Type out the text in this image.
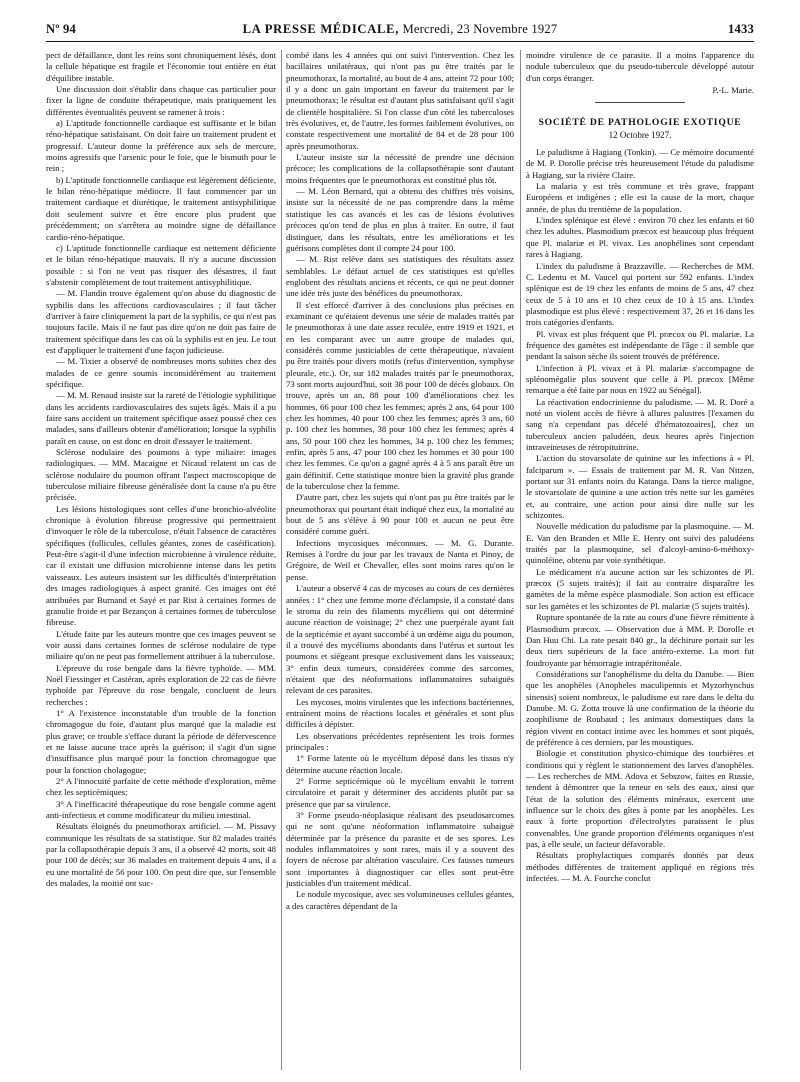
Nº 94	LA PRESSE MÉDICALE, Mercredi, 23 Novembre 1927	1433

pect de défaillance, dont les reins sont chroniquement lésés, dont la cellule hépatique est fragile et l'économie tout entière en état d'équilibre instable.

Une discussion doit s'établir dans chaque cas particulier pour fixer la ligne de conduite thérapeutique, mais pratiquement les différentes éventualités peuvent se ramener à trois :

a) L'aptitude fonctionnelle cardiaque est suffisante et le bilan réno-hépatique satisfaisant. On doit faire un traitement prudent et progressif. L'auteur donne la préférence aux sels de mercure, moins agressifs que l'arsenic pour le foie, que le bismuth pour le rein ;

b) L'aptitude fonctionnelle cardiaque est légèrement déficiente, le bilan réno-hépatique médiocre. Il faut commencer par un traitement cardiaque et diurétique, le traitement antisyphilitique doit seulement suivre et être encore plus prudent que précédemment; on s'arrêtera au moindre signe de défaillance cardio-réno-hépatique.

c) L'aptitude fonctionnelle cardiaque est nettement déficiente et le bilan réno-hépatique mauvais. Il n'y a aucune discussion possible : si l'on ne veut pas risquer des désastres, il faut s'abstenir complètement de tout traitement antisyphilitique.

— M. Flandin trouve également qu'on abuse du diagnostic de syphilis dans les affections cardiovasculaires ; il faut tâcher d'arriver à faire cliniquement la part de la syphilis, ce qui n'est pas toujours facile. Mais il ne faut pas dire qu'on ne doit pas faire de traitement spécifique dans les cas où la syphilis est en jeu. Le tout est d'appliquer le traitement d'une façon judicieuse.

— M. Tixier a observé de nombreuses morts subites chez des malades de ce genre soumis inconsidérément au traitement spécifique.

— M. M. Renaud insiste sur la rareté de l'étiologie syphilitique dans les accidents cardiovasculaires des sujets âgés. Mais il a pu faire sans accident un traitement spécifique assez poussé chez ces malades, sans d'ailleurs obtenir d'amélioration; lorsque la syphilis paraît en cause, on est donc en droit d'essayer le traitement.

Sclérose nodulaire des poumons à type miliaire: images radiologiques. — MM. Macaigne et Nicaud relatent un cas de sclérose nodulaire du poumon offrant l'aspect macroscopique de tuberculose miliaire fibreuse généralisée dont la cause n'a pu être précisée.

Les lésions histologiques sont celles d'une bronchio-alvéolite chronique à évolution fibreuse progressive qui permettraient d'invoquer le rôle de la tuberculose, n'était l'absence de caractères spécifiques (follicules, cellules géantes, zones de caséification). Peut-être s'agit-il d'une infection microbienne à virulence réduite, car il existait une diffusion microbienne intense dans les petits vaisseaux. Les auteurs insistent sur les difficultés d'interprétation des images radiologiques à aspect granité. Ces images ont été attribuées par Burnand et Sayé et par Rist à certaines formes de granulie froide et par Bezançon à certaines formes de tuberculose fibreuse.

L'étude faite par les auteurs montre que ces images peuvent se voir aussi dans certaines formes de sclérose nodulaire de type miliaire qu'on ne peut pas formellement attribuer à la tuberculose.

L'épreuve du rose bengale dans la fièvre typhoïde. — MM. Noël Fiessinger et Castéran, après exploration de 22 cas de fièvre typhoïde par l'épreuve du rose bengale, concluent de leurs recherches :

1° A l'existence inconstatable d'un trouble de la fonction chromagogue du foie, d'autant plus marqué que la maladie est plus grave; ce trouble s'efface durant la période de défervescence et ne laisse aucune trace après la guérison; il s'agit d'un signe d'insuffisance plus marqué pour la fonction chromagogue que pour la fonction cholagogue;

2° A l'innocuité parfaite de cette méthode d'exploration, même chez les septicémiques;

3° A l'inefficacité thérapeutique du rose bengale comme agent anti-infectieux et comme modificateur du milieu intestinal.

Résultats éloignés du pneumothorax artificiel. — M. Pissavy communique les résultats de sa statistique. Sur 82 malades traités par la collapsothérapie depuis 3 ans, il a observé 42 morts, soit 48 pour 100 de décès; sur 36 malades en traitement depuis 4 ans, il a eu une mortalité de 56 pour 100. On peut dire que, sur l'ensemble des malades, la moitié ont suc-

combé dans les 4 années qui ont suivi l'intervention. Chez les bacillaires unilatéraux, qui n'ont pas pu être traités par le pneumothorax, la mortalité, au bout de 4 ans, atteint 72 pour 100; il y a donc un gain important en faveur du traitement par le pneumothorax; le résultat est d'autant plus satisfaisant qu'il s'agit de clientèle hospitalière. Si l'on classe d'un côté les tuberculoses très évolutives, et, de l'autre, les formes faiblement évolutives, on constate respectivement une mortalité de 84 et de 28 pour 100 après pneumothorax.

L'auteur insiste sur la nécessité de prendre une décision précoce; les complications de la collapsothérapie sont d'autant moins fréquentes que le pneumothorax est constitué plus tôt.

— M. Léon Bernard, qui a obtenu des chiffres très voisins, insiste sur la nécessité de ne pas comprendre dans la même statistique les cas avancés et les cas de lésions évolutives précoces qu'on tend de plus en plus à traiter. En outre, il faut distinguer, dans les résultats, entre les améliorations et les guérisons complètes dont il compte 24 pour 100.

— M. Rist relève dans ses statistiques des résultats assez semblables. Le défaut actuel de ces statistiques est qu'elles englobent des résultats anciens et récents, ce qui ne peut donner une idée très juste des bénéfices du pneumothorax.

Il s'est efforcé d'arriver à des conclusions plus précises en examinant ce qu'étaient devenus une série de malades traités par le pneumothorax à une date assez reculée, entre 1919 et 1921, et en les comparant avec un autre groupe de malades qui, considérés comme justiciables de cette thérapeutique, n'avaient pu être traités pour divers motifs (refus d'intervention, symphyse pleurale, etc.). Or, sur 182 malades traités par le pneumothorax, 73 sont morts aujourd'hui, soit 38 pour 100 de décès globaux. On trouve, après un an, 88 pour 100 d'améliorations chez les hommes, 66 pour 100 chez les femmes; après 2 ans, 64 pour 100 chez les hommes, 40 pour 100 chez les femmes; après 3 ans, 60 p. 100 chez les hommes, 38 pour 100 chez les femmes; après 4 ans, 50 pour 100 chez les hommes, 34 p. 100 chez les femmes; enfin, après 5 ans, 47 pour 100 chez les hommes et 30 pour 100 chez les femmes. Ce qu'on a gagné après 4 à 5 ans paraît être un gain définitif. Cette statistique montre bien la gravité plus grande de la tuberculose chez la femme.

D'autre part, chez les sujets qui n'ont pas pu être traités par le pneumothorax qui pourtant était indiqué chez eux, la mortalité au bout de 5 ans s'élève à 90 pour 100 et aucun ne peut être considéré comme guéri.

Infections mycosiques méconnues. — M. G. Durante. Remises à l'ordre du jour par les travaux de Nanta et Pinoy, de Grégoire, de Weil et Chevaller, elles sont moins rares qu'on le pense.

L'auteur a observé 4 cas de mycoses au cours de ces dernières années : 1° chez une femme morte d'éclampsie, il a constaté dans le stroma du rein des filaments mycéliens qui ont déterminé aucune réaction de voisinage; 2° chez une puerpérale ayant fait de la septicémie et ayant succombé à un œdème aigu du poumon, il a trouvé des mycéliums abondants dans l'utérus et surtout les poumons et siégeant presque exclusivement dans les vaisseaux; 3° enfin deux tumeurs, considérées comme des sarcomes, n'étaient que des néoformations inflammatoires subaiguës relevant de ces parasites.

Les mycoses, moins virulentes que les infections bactériennes, entraînent moins de réactions locales et générales et sont plus difficiles à dépister.

Les observations précédentes représentent les trois formes principales :

1° Forme latente où le mycélium déposé dans les tissus n'y détermine aucune réaction locale.

2° Forme septicémique où le mycélium envahit le torrent circulatoire et parait y déterminer des accidents plutôt par sa présence que par sa virulence.

3° Forme pseudo-néoplasique réalisant des pseudosarcomes qui ne sont qu'une néoformation inflammatoire subaiguë déterminée par la présence du parasite et de ses spores. Les nodules inflammatoires y sont rares, mais il y a souvent des foyers de nécrose par altération vasculaire. Ces fausses tumeurs sont importantes à diagnostiquer car elles sont peut-être justiciables d'un traitement médical.

Le nodule mycosique, avec ses volumineuses cellules géantes, a des caractères dépendant de la

moindre virulence de ce parasite. Il a moins l'apparence du nodule tuberculeux que du pseudo-tubercule développé autour d'un corps étranger.

P.-L. Marie.

SOCIÉTÉ DE PATHOLOGIE EXOTIQUE
12 Octobre 1927.

Le paludisme à Hagiang (Tonkin). — Ce mémoire documenté de M. P. Dorolle précise très heureusement l'étude du paludisme à Hagiang, sur la rivière Claire.

La malaria y est très commune et très grave, frappant Européens et indigènes ; elle est la cause de la mort, chaque année, de plus du trentième de la population.

L'index splénique est élevé : environ 70 chez les enfants et 60 chez les adultes. Plasmodium præcox est beaucoup plus fréquent que Pl. malariæ et Pl. vivax. Les anophélines sont cependant rares à Hagiang.

L'index du paludisme à Brazzaville. — Recherches de MM. C. Ledentu et M. Vaucel qui portent sur 592 enfants. L'index splénique est de 19 chez les enfants de moins de 5 ans, 47 chez ceux de 5 à 10 ans et 10 chez ceux de 10 à 15 ans. L'index plasmodique est plus élevé : respectivement 37, 26 et 16 dans les trois catégories d'enfants.

Pl. vivax est plus fréquent que Pl. præcox ou Pl. malariæ. La fréquence des gamètes est indépendante de l'âge : il semble que pendant la saison sèche ils soient trouvés de préférence.

L'infection à Pl. vivax et à Pl. malariæ s'accompagne de splénomégalie plus souvent que celle à Pl. præcox [Même remarque a été faite par nous en 1922 au Sénégal].

La réactivation endocrinienne du paludisme. — M. R. Doré a noté un violent accès de fièvre à allures palustres [l'examen du sang n'a cependant pas décelé d'hématozoaires], chez un tuberculeux ancien paludéen, deux heures après l'injection intraveineuses de rétropituitrine.

L'action du stovarsolate de quinine sur les infections à « Pl. falciparum ». — Essais de traitement par M. R. Van Nitzen, portant sur 31 enfants noirs du Katanga. Dans la tierce maligne, le stovarsolate de quinine a une action très nette sur les gamètes et, au contraire, une action pour ainsi dire nulle sur les schizontes.

Nouvelle médication du paludisme par la plasmoquine. — M. E. Van den Branden et Mlle E. Henry ont suivi des paludéens traités par la plasmoquine, sel d'alcoyl-amino-6-méthoxy-quinoléine, obtenu par voie synthétique.

Le médicament n'a aucune action sur les schizontes de Pl. præcox (5 sujets traités); il fait au contraire disparaître les gamètes de la même espèce plasmodiale. Son action est efficace sur les gamètes et les schizontes de Pl. malariæ (5 sujets traités).

Rupture spontanée de la rate au cours d'une fièvre rémittente à Plasmodium præcox. — Observation due à MM. P. Dorolle et Dan Huu Chi. La rate pesait 840 gr., la déchirure portait sur les deux tiers supérieurs de la face antéro-externe. La mort fut foudroyante par hémorragie intrapéritonéale.

Considérations sur l'anophélisme du delta du Danube. — Bien que les anophèles (Anopheles maculipennis et Myzorhynchus sinensis) soient nombreux, le paludisme est rare dans le delta du Danube. M. G. Zotta trouve là une confirmation de la théorie du zoophilisme de Roubaud ; les animaux domestiques dans la région vivent en contact intime avec les hommes et sont piqués, de préférence à ces derniers, par les moustiques.

Biologie et constitution physico-chimique des tourbières et conditions qui y règlent le stationnement des larves d'anophèles. — Les recherches de MM. Adova et Sebszow, faites en Russie, tendent à démontrer que la teneur en sels des eaux, ainsi que l'état de la solution des éléments minéraux, exercent une influence sur le choix des gîtes à ponte par les anophèles. Les eaux à forte proportion d'électrolytes paraissent le plus convenables. Une grande proportion d'éléments organiques n'est pas, à elle seule, un facteur défavorable.

Résultats prophylactiques comparés donnés par deux méthodes différentes de traitement appliqué en régions très infectées. — M. A. Fourche conclut
